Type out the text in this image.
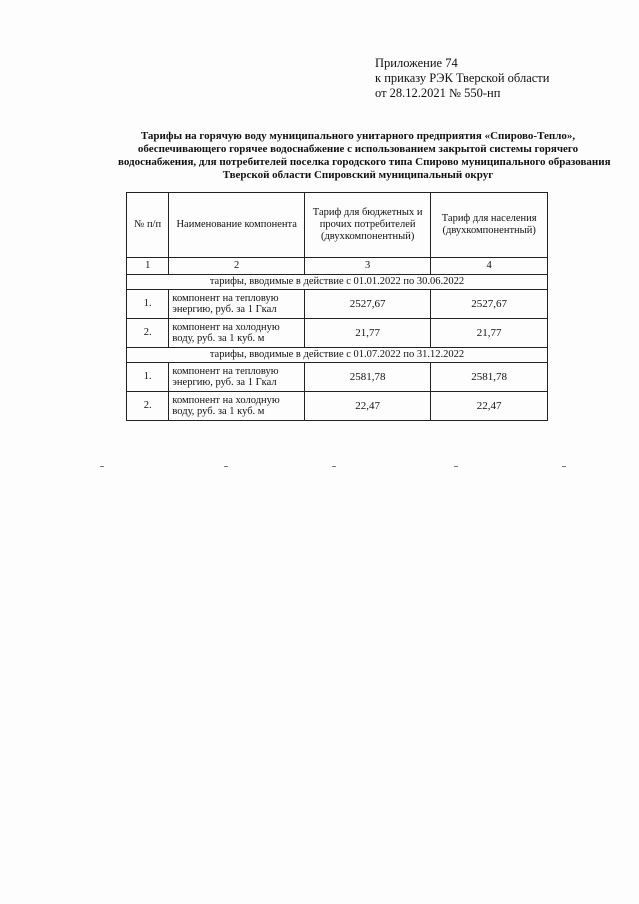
Приложение 74
к приказу РЭК Тверской области
от 28.12.2021 № 550-нп
Тарифы на горячую воду муниципального унитарного предприятия «Спирово-Тепло»,
обеспечивающего горячее водоснабжение с использованием закрытой системы горячего
водоснабжения, для потребителей поселка городского типа Спирово муниципального образования
Тверской области Спировский муниципальный округ
№ п/п	Наименование компонента	Тариф для бюджетных и прочих потребителей (двухкомпонентный)	Тариф для населения (двухкомпонентный)
1	2	3	4
тарифы, вводимые в действие с 01.01.2022 по 30.06.2022			
1.	компонент на тепловую энергию, руб. за 1 Гкал	2527,67	2527,67
2.	компонент на холодную воду, руб. за 1 куб. м	21,77	21,77
тарифы, вводимые в действие с 01.07.2022 по 31.12.2022			
1.	компонент на тепловую энергию, руб. за 1 Гкал	2581,78	2581,78
2.	компонент на холодную воду, руб. за 1 куб. м	22,47	22,47
